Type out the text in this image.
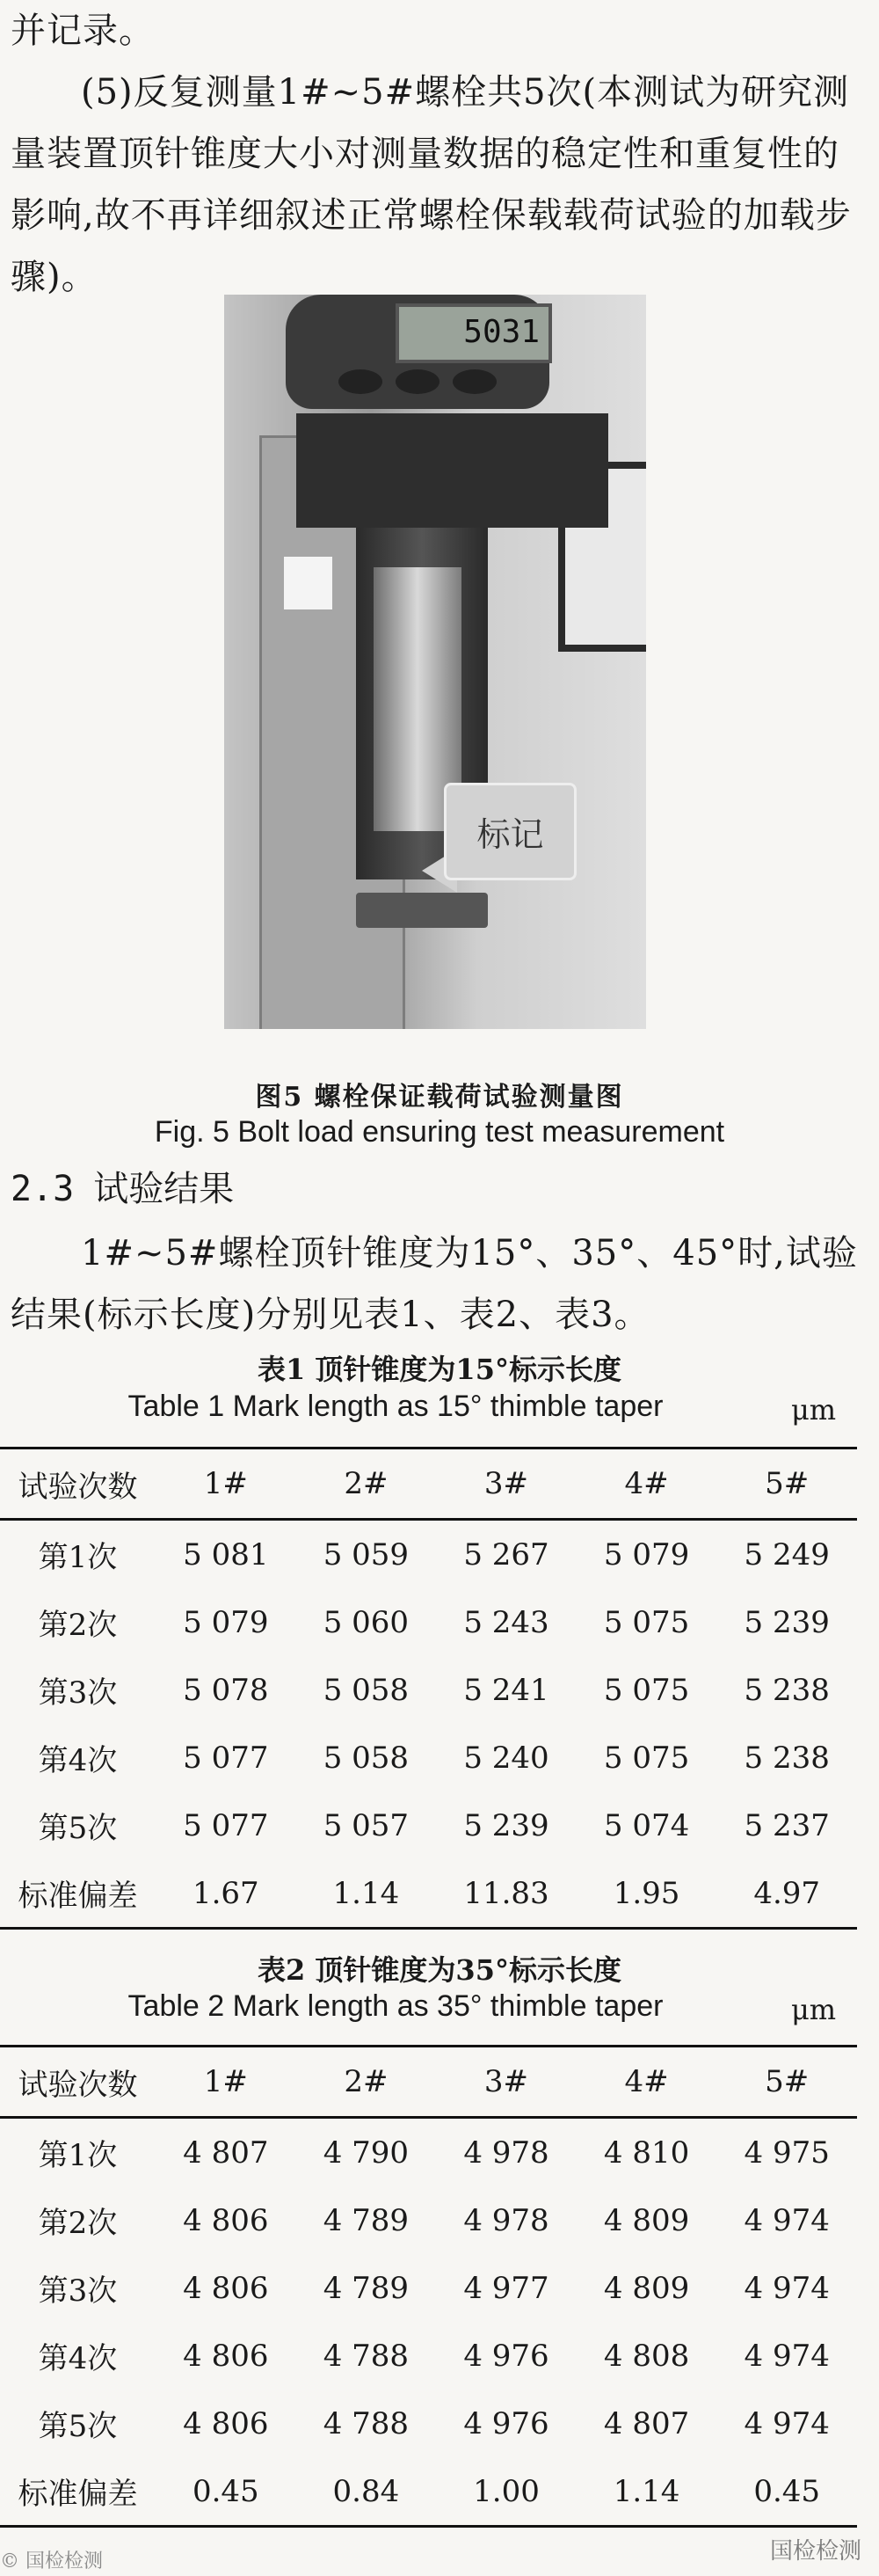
并记录。

(5)反复测量1#~5#螺栓共5次(本测试为研究测量装置顶针锥度大小对测量数据的稳定性和重复性的影响,故不再详细叙述正常螺栓保载载荷试验的加载步骤)。

5031
标记

图5 螺栓保证载荷试验测量图

Fig. 5 Bolt load ensuring test measurement

2.3 试验结果

1#~5#螺栓顶针锥度为15°、35°、45°时,试验结果(标示长度)分别见表1、表2、表3。

表1 顶针锥度为15°标示长度

Table 1 Mark length as 15° thimble taper	μm
试验次数	1#	2#	3#	4#	5#
第1次	5 081	5 059	5 267	5 079	5 249
第2次	5 079	5 060	5 243	5 075	5 239
第3次	5 078	5 058	5 241	5 075	5 238
第4次	5 077	5 058	5 240	5 075	5 238
第5次	5 077	5 057	5 239	5 074	5 237
标准偏差	1.67	1.14	11.83	1.95	4.97

表2 顶针锥度为35°标示长度

Table 2 Mark length as 35° thimble taper	μm
试验次数	1#	2#	3#	4#	5#
第1次	4 807	4 790	4 978	4 810	4 975
第2次	4 806	4 789	4 978	4 809	4 974
第3次	4 806	4 789	4 977	4 809	4 974
第4次	4 806	4 788	4 976	4 808	4 974
第5次	4 806	4 788	4 976	4 807	4 974
标准偏差	0.45	0.84	1.00	1.14	0.45
© 国检检测	国检检测
